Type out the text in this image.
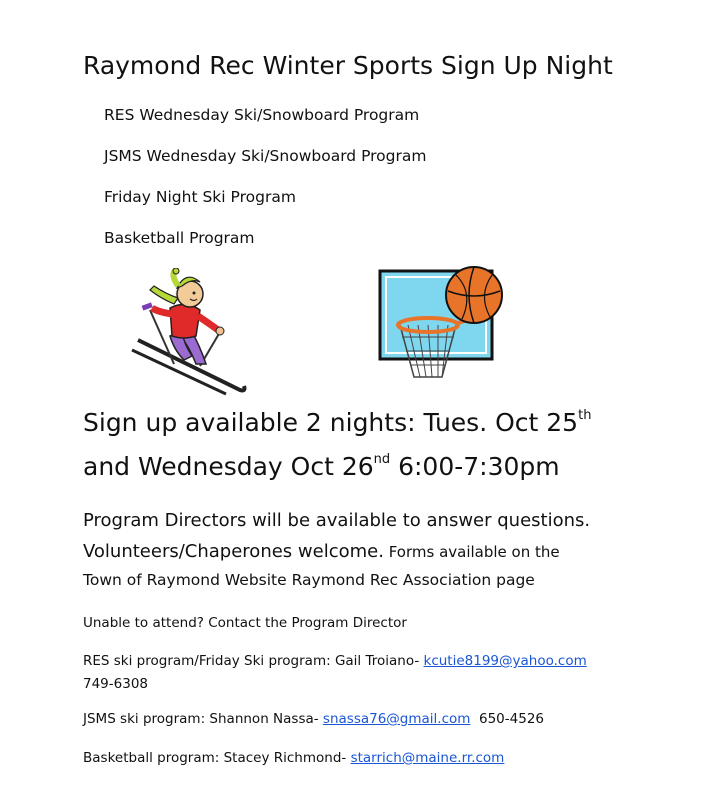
Raymond Rec Winter Sports Sign Up Night
RES Wednesday Ski/Snowboard Program
JSMS Wednesday Ski/Snowboard Program
Friday Night Ski Program
Basketball Program
Sign up available 2 nights: Tues. Oct 25th
and Wednesday Oct 26nd 6:00-7:30pm
Program Directors will be available to answer questions.
Volunteers/Chaperones welcome. Forms available on the
Town of Raymond Website Raymond Rec Association page
Unable to attend? Contact the Program Director
RES ski program/Friday Ski program: Gail Troiano- kcutie8199@yahoo.com
749-6308
JSMS ski program: Shannon Nassa- snassa76@gmail.com  650-4526
Basketball program: Stacey Richmond- starrich@maine.rr.com
